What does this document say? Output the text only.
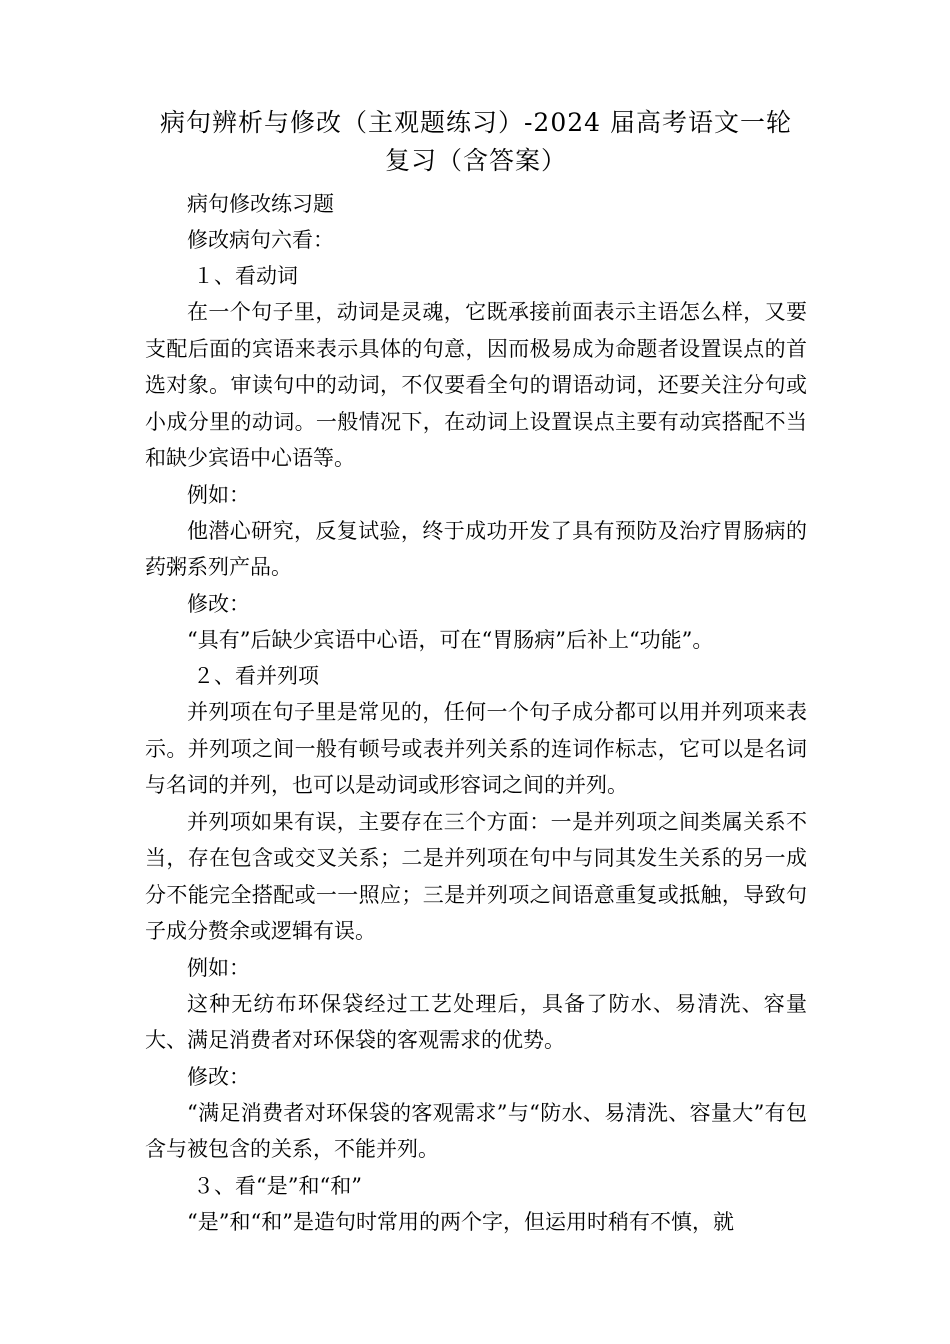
病句辨析与修改（主观题练习）-2024 届高考语文一轮
复习（含答案）
病句修改练习题
修改病句六看：
１、看动词

在一个句子里，动词是灵魂，它既承接前面表示主语怎么样，又要支配后面的宾语来表示具体的句意，因而极易成为命题者设置误点的首选对象。审读句中的动词，不仅要看全句的谓语动词，还要关注分句或小成分里的动词。一般情况下，在动词上设置误点主要有动宾搭配不当和缺少宾语中心语等。

例如：

他潜心研究，反复试验，终于成功开发了具有预防及治疗胃肠病的药粥系列产品。

修改：

“具有”后缺少宾语中心语，可在“胃肠病”后补上“功能”。

２、看并列项

并列项在句子里是常见的，任何一个句子成分都可以用并列项来表示。并列项之间一般有顿号或表并列关系的连词作标志，它可以是名词与名词的并列，也可以是动词或形容词之间的并列。

并列项如果有误，主要存在三个方面：一是并列项之间类属关系不当，存在包含或交叉关系；二是并列项在句中与同其发生关系的另一成分不能完全搭配或一一照应；三是并列项之间语意重复或抵触，导致句子成分赘余或逻辑有误。

例如：

这种无纺布环保袋经过工艺处理后，具备了防水、易清洗、容量大、满足消费者对环保袋的客观需求的优势。

修改：

“满足消费者对环保袋的客观需求”与“防水、易清洗、容量大”有包含与被包含的关系，不能并列。

３、看“是”和“和”

“是”和“和”是造句时常用的两个字，但运用时稍有不慎，就
